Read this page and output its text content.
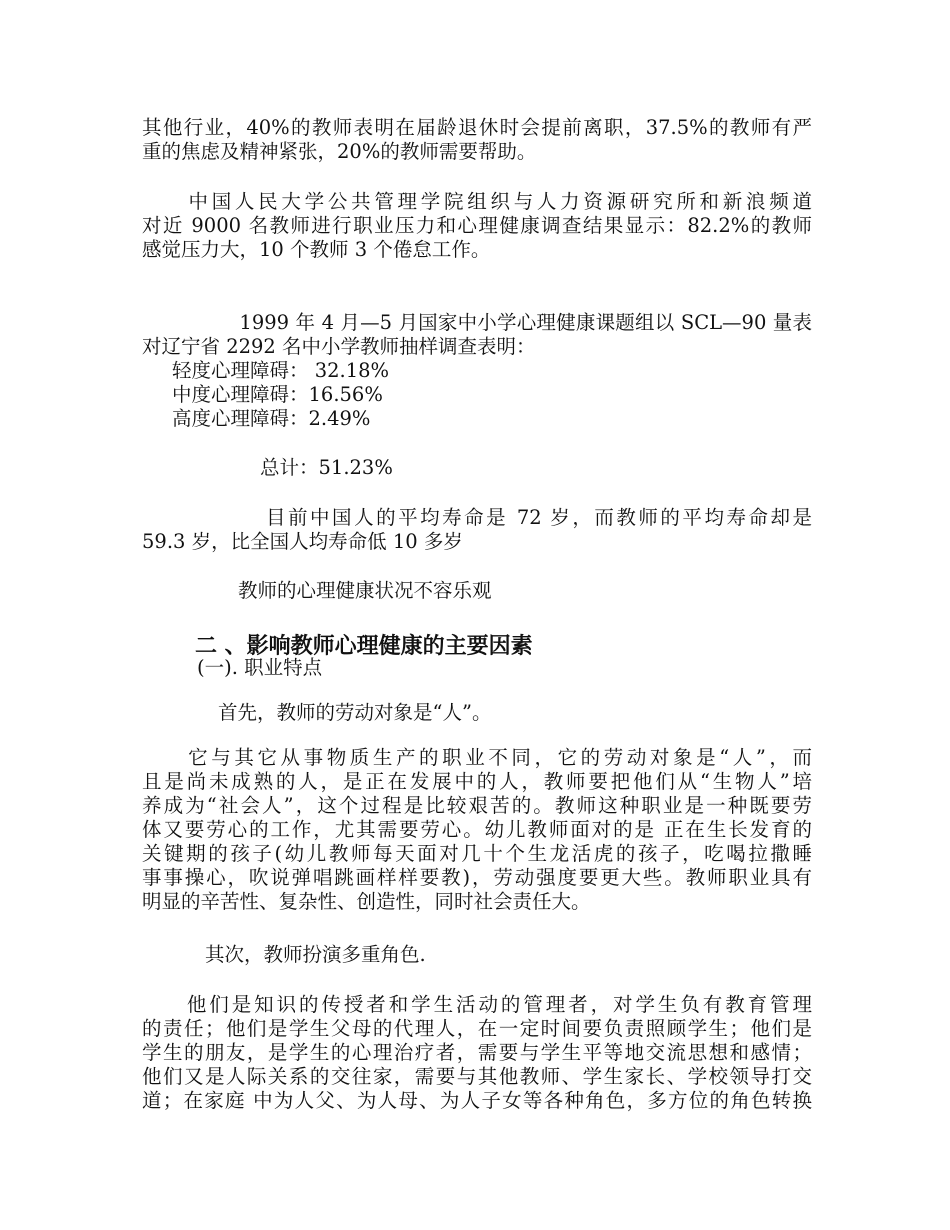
其他行业，40%的教师表明在届龄退休时会提前离职，37.5%的教师有严
重的焦虑及精神紧张，20%的教师需要帮助。
　　中国人民大学公共管理学院组织与人力资源研究所和新浪频道
对近 9000 名教师进行职业压力和心理健康调查结果显示：82.2%的教师
感觉压力大，10 个教师 3 个倦怠工作。
　　1999 年 4 月—5 月国家中小学心理健康课题组以 SCL—90 量表
对辽宁省 2292 名中小学教师抽样调查表明：
轻度心理障碍： 32.18%
中度心理障碍：16.56%
高度心理障碍：2.49%
总计：51.23%
　　目前中国人的平均寿命是 72 岁，而教师的平均寿命却是
59.3 岁，比全国人均寿命低 10 多岁
教师的心理健康状况不容乐观
二 、影响教师心理健康的主要因素
(一). 职业特点
首先，教师的劳动对象是“人”。
　　它与其它从事物质生产的职业不同，它的劳动对象是“人”，而
且是尚未成熟的人，是正在发展中的人，教师要把他们从“生物人”培
养成为“社会人”，这个过程是比较艰苦的。教师这种职业是一种既要劳
体又要劳心的工作，尤其需要劳心。幼儿教师面对的是 正在生长发育的
关键期的孩子(幼儿教师每天面对几十个生龙活虎的孩子，吃喝拉撒睡
事事操心，吹说弹唱跳画样样要教)，劳动强度要更大些。教师职业具有
明显的辛苦性、复杂性、创造性，同时社会责任大。
其次，教师扮演多重角色.
　　他们是知识的传授者和学生活动的管理者，对学生负有教育管理
的责任；他们是学生父母的代理人，在一定时间要负责照顾学生；他们是
学生的朋友，是学生的心理治疗者，需要与学生平等地交流思想和感情；
他们又是人际关系的交往家，需要与其他教师、学生家长、学校领导打交
道；在家庭 中为人父、为人母、为人子女等各种角色，多方位的角色转换
